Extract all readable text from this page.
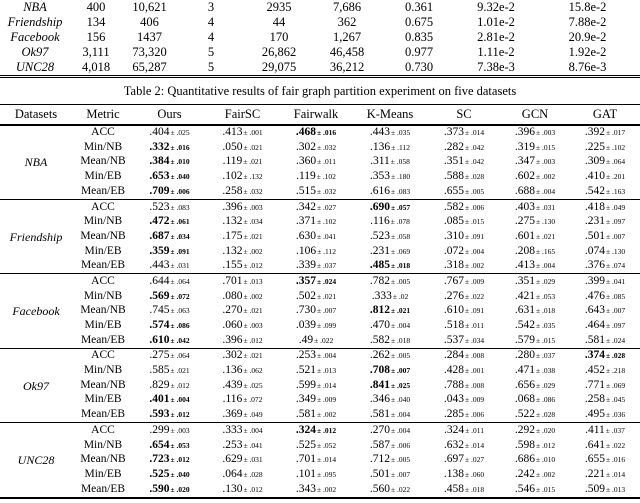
NBA	400	10,621	3	2935	7,686	0.361	9.32e-2	15.8e-2
Friendship	134	406	4	44	362	0.675	1.01e-2	7.88e-2
Facebook	156	1437	4	170	1,267	0.835	2.81e-2	20.9e-2
Ok97	3,111	73,320	5	26,862	46,458	0.977	1.11e-2	1.92e-2
UNC28	4,018	65,287	5	29,075	36,212	0.730	7.38e-3	8.76e-3
Table 2: Quantitative results of fair graph partition experiment on five datasets
Datasets	Metric	Ours	FairSC	Fairwalk	K-Means	SC	GCN	GAT
NBA	ACC	.404± .025	.413± .001	.468± .016	.443± .035	.373± .014	.396± .003	.392± .017
	Min/NB	.332± .016	.050± .021	.302± .032	.136± .112	.282± .042	.319± .015	.225± .102
	Mean/NB	.384± .010	.119± .021	.360± .011	.311± .058	.351± .042	.347± .003	.309± .064
	Min/EB	.653± .040	.102± .132	.119± .102	.353± .180	.588± .028	.602± .002	.410± .201
	Mean/EB	.709± .006	.258± .032	.515± .032	.616± .083	.655± .005	.688± .004	.542± .163
Friendship	ACC	.523± .083	.396± .003	.342± .027	.690± .057	.582± .006	.403± .031	.418± .049
	Min/NB	.472± .061	.132± .034	.371± .102	.116± .078	.085± .015	.275± .130	.231± .097
	Mean/NB	.687± .034	.175± .021	.630± .041	.523± .058	.310± .091	.601± .021	.501± .007
	Min/EB	.359± .091	.132± .002	.106± .112	.231± .069	.072± .004	.208± .165	.074± .130
	Mean/EB	.443± .031	.155± .012	.339± .037	.485± .018	.318± .002	.413± .004	.376± .074
Facebook	ACC	.644± .064	.701± .013	.357± .024	.782± .005	.767± .009	.351± .029	.399± .041
	Min/NB	.569± .072	.080± .002	.502± .021	.333± .02	.276± .022	.421± .053	.476± .085
	Mean/NB	.745± .063	.270± .021	.730± .007	.812± .021	.610± .091	.631± .018	.643± .007
	Min/EB	.574± .086	.060± .003	.039± .099	.470± .004	.518± .011	.542± .035	.464± .097
	Mean/EB	.610± .042	.396± .012	.49± .022	.582± .018	.537± .034	.579± .015	.581± .024
Ok97	ACC	.275± .064	.302± .021	.253± .004	.262± .005	.284± .008	.280± .037	.374± .028
	Min/NB	.585± .021	.136± .062	.521± .013	.708± .007	.428± .001	.471± .038	.452± .218
	Mean/NB	.829± .012	.439± .025	.599± .014	.841± .025	.788± .008	.656± .029	.771± .069
	Min/EB	.401± .004	.116± .072	.349± .009	.346± .040	.043± .009	.068± .086	.258± .045
	Mean/EB	.593± .012	.369± .049	.581± .002	.581± .004	.285± .006	.522± .028	.495± .036
UNC28	ACC	.299± .003	.333± .004	.324± .012	.270± .004	.324± .011	.292± .020	.411± .037
	Min/NB	.654± .053	.253± .041	.525± .052	.587± .006	.632± .014	.598± .012	.641± .022
	Mean/NB	.723± .012	.629± .031	.701± .014	.712± .005	.697± .027	.686± .010	.655± .016
	Min/EB	.525± .040	.064± .028	.101± .095	.501± .007	.138± .060	.242± .002	.221± .014
	Mean/EB	.590± .020	.130± .012	.343± .002	.560± .022	.458± .018	.546± .015	.509± .013
